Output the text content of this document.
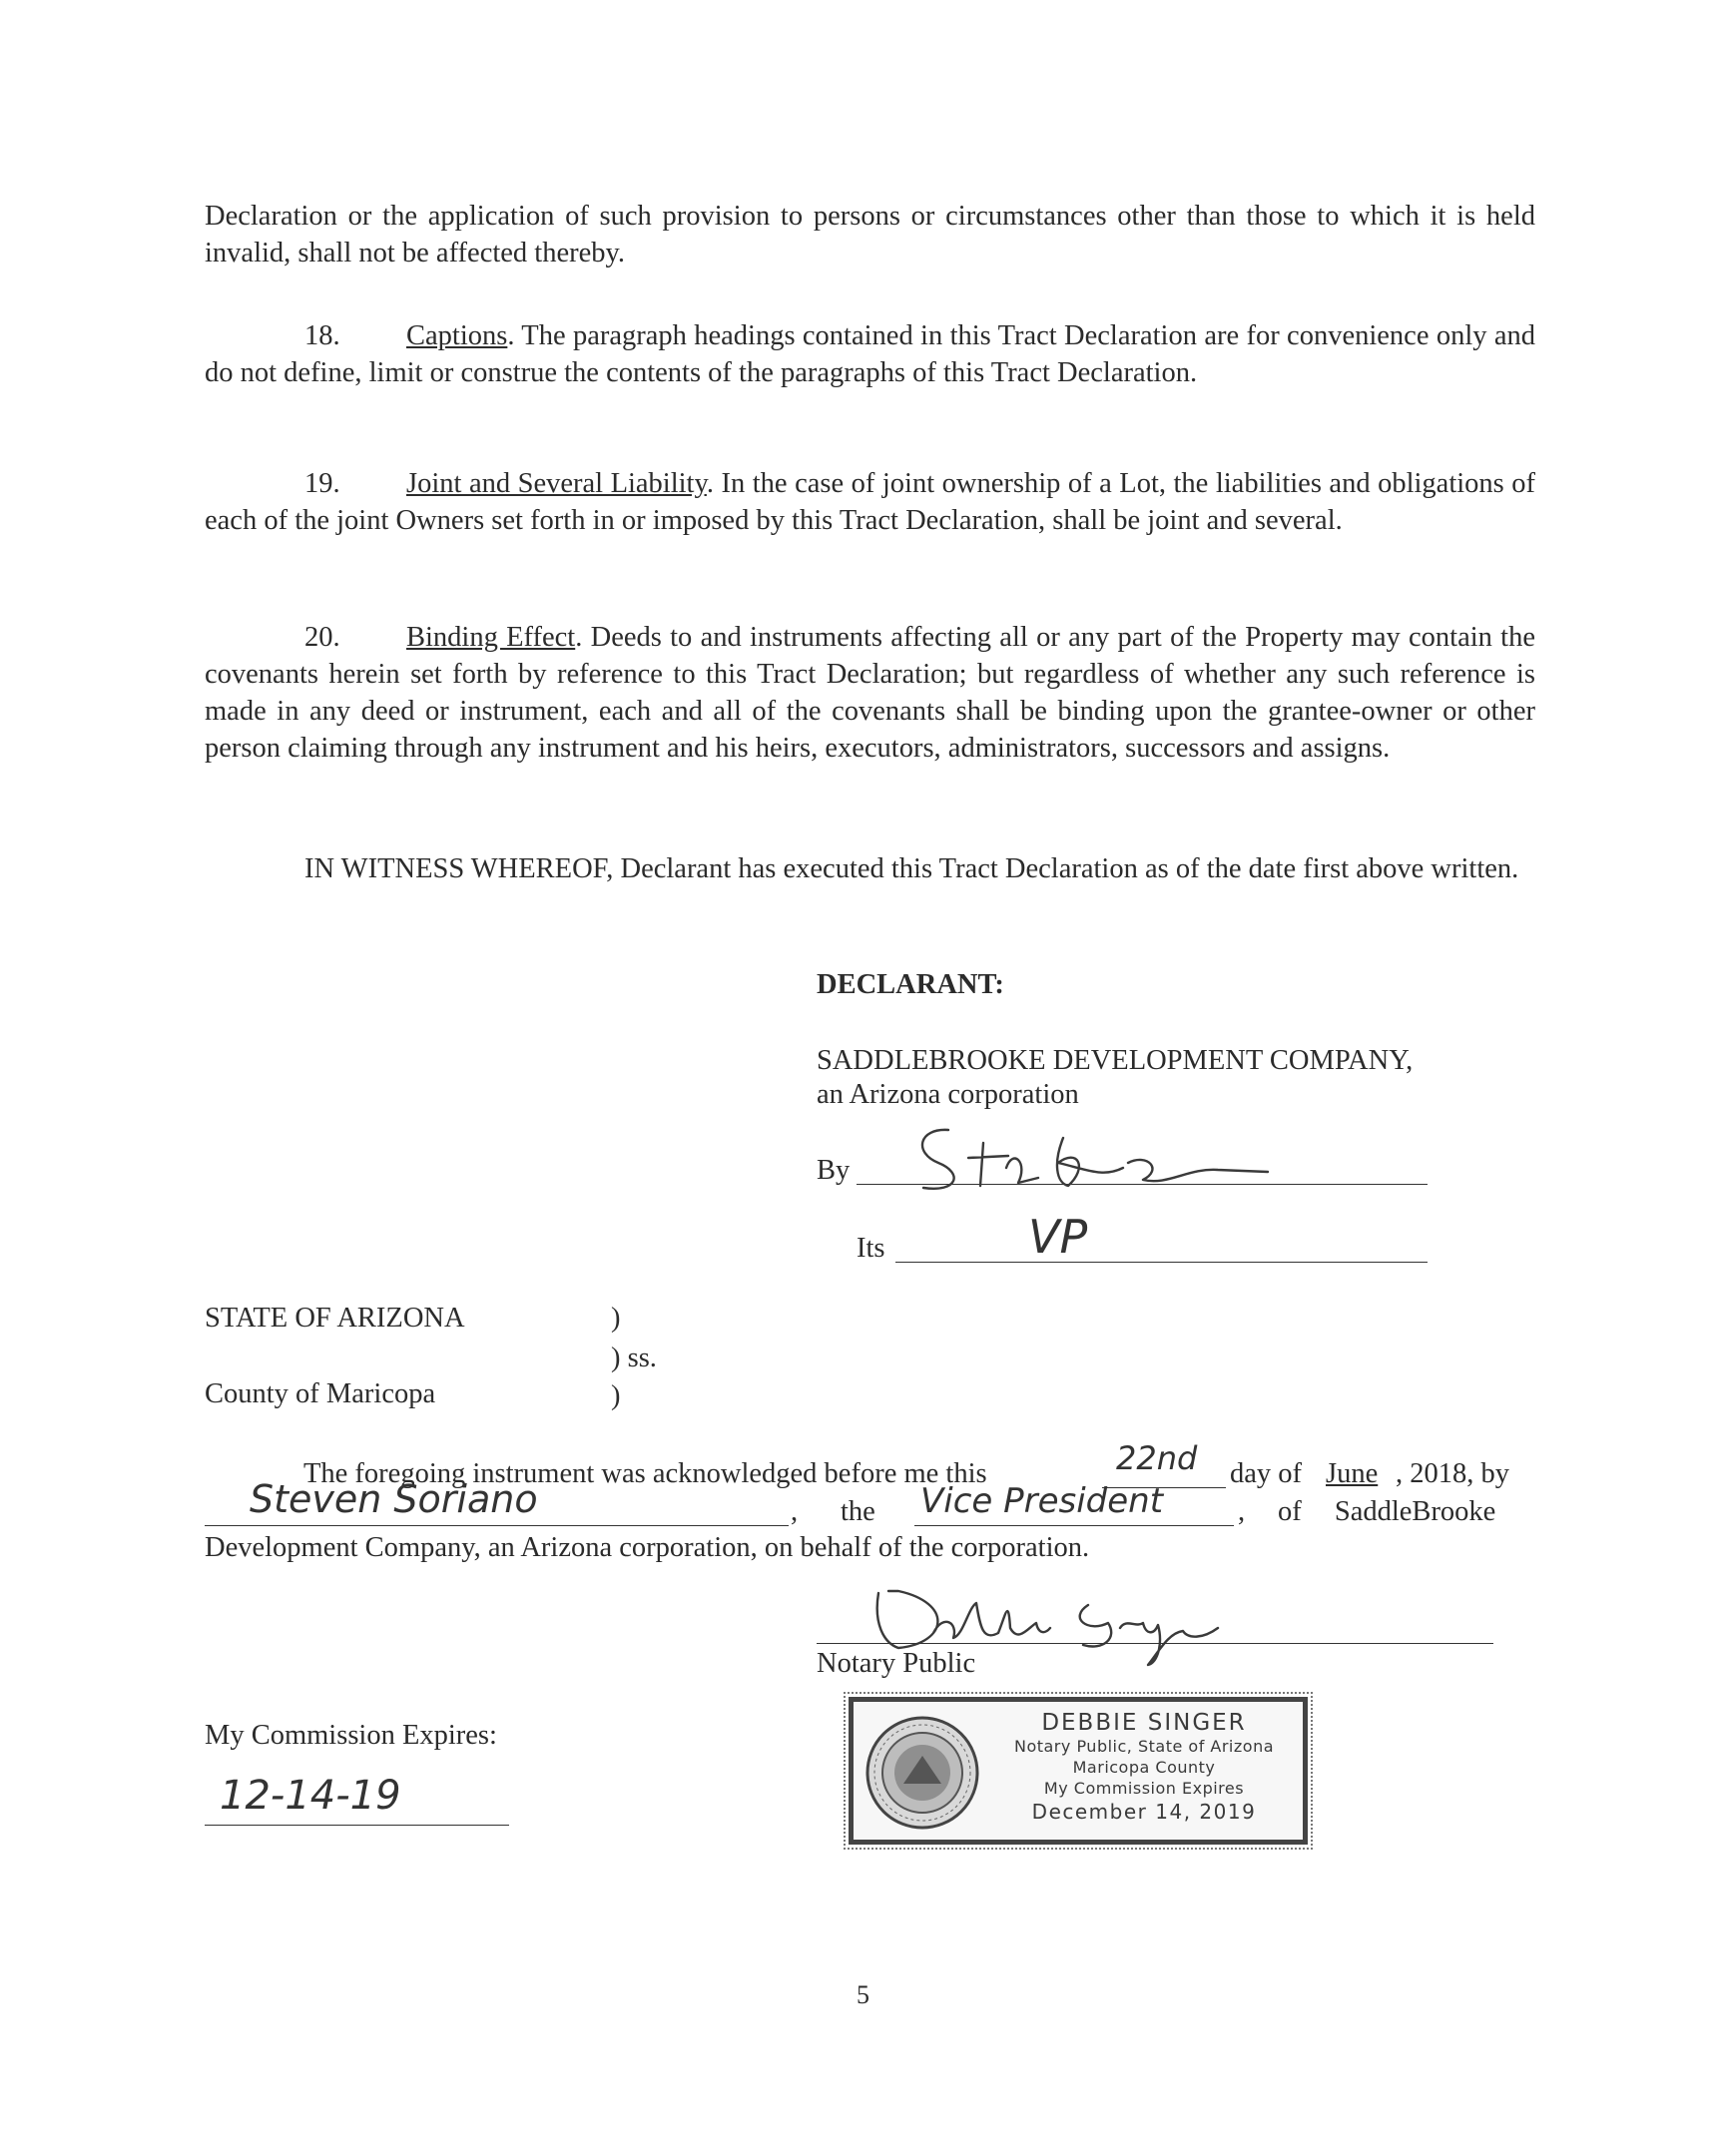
Declaration or the application of such provision to persons or circumstances other than those to which it is held invalid, shall not be affected thereby.

18. Captions. The paragraph headings contained in this Tract Declaration are for convenience only and do not define, limit or construe the contents of the paragraphs of this Tract Declaration.

19. Joint and Several Liability. In the case of joint ownership of a Lot, the liabilities and obligations of each of the joint Owners set forth in or imposed by this Tract Declaration, shall be joint and several.

20. Binding Effect. Deeds to and instruments affecting all or any part of the Property may contain the covenants herein set forth by reference to this Tract Declaration; but regardless of whether any such reference is made in any deed or instrument, each and all of the covenants shall be binding upon the grantee-owner or other person claiming through any instrument and his heirs, executors, administrators, successors and assigns.

IN WITNESS WHEREOF, Declarant has executed this Tract Declaration as of the date first above written.

DECLARANT:
SADDLEBROOKE DEVELOPMENT COMPANY,
an Arizona corporation
By
Its	VP
STATE OF ARIZONA	)
) ss.
County of Maricopa	)
The foregoing instrument was acknowledged before me this	22nd day of June , 2018, by
Steven Soriano	, the Vice President	, of SaddleBrooke
Development Company, an Arizona corporation, on behalf of the corporation.
Notary Public
My Commission Expires:
12-14-19
DEBBIE SINGER
Notary Public, State of Arizona
Maricopa County
My Commission Expires
December 14, 2019
5
